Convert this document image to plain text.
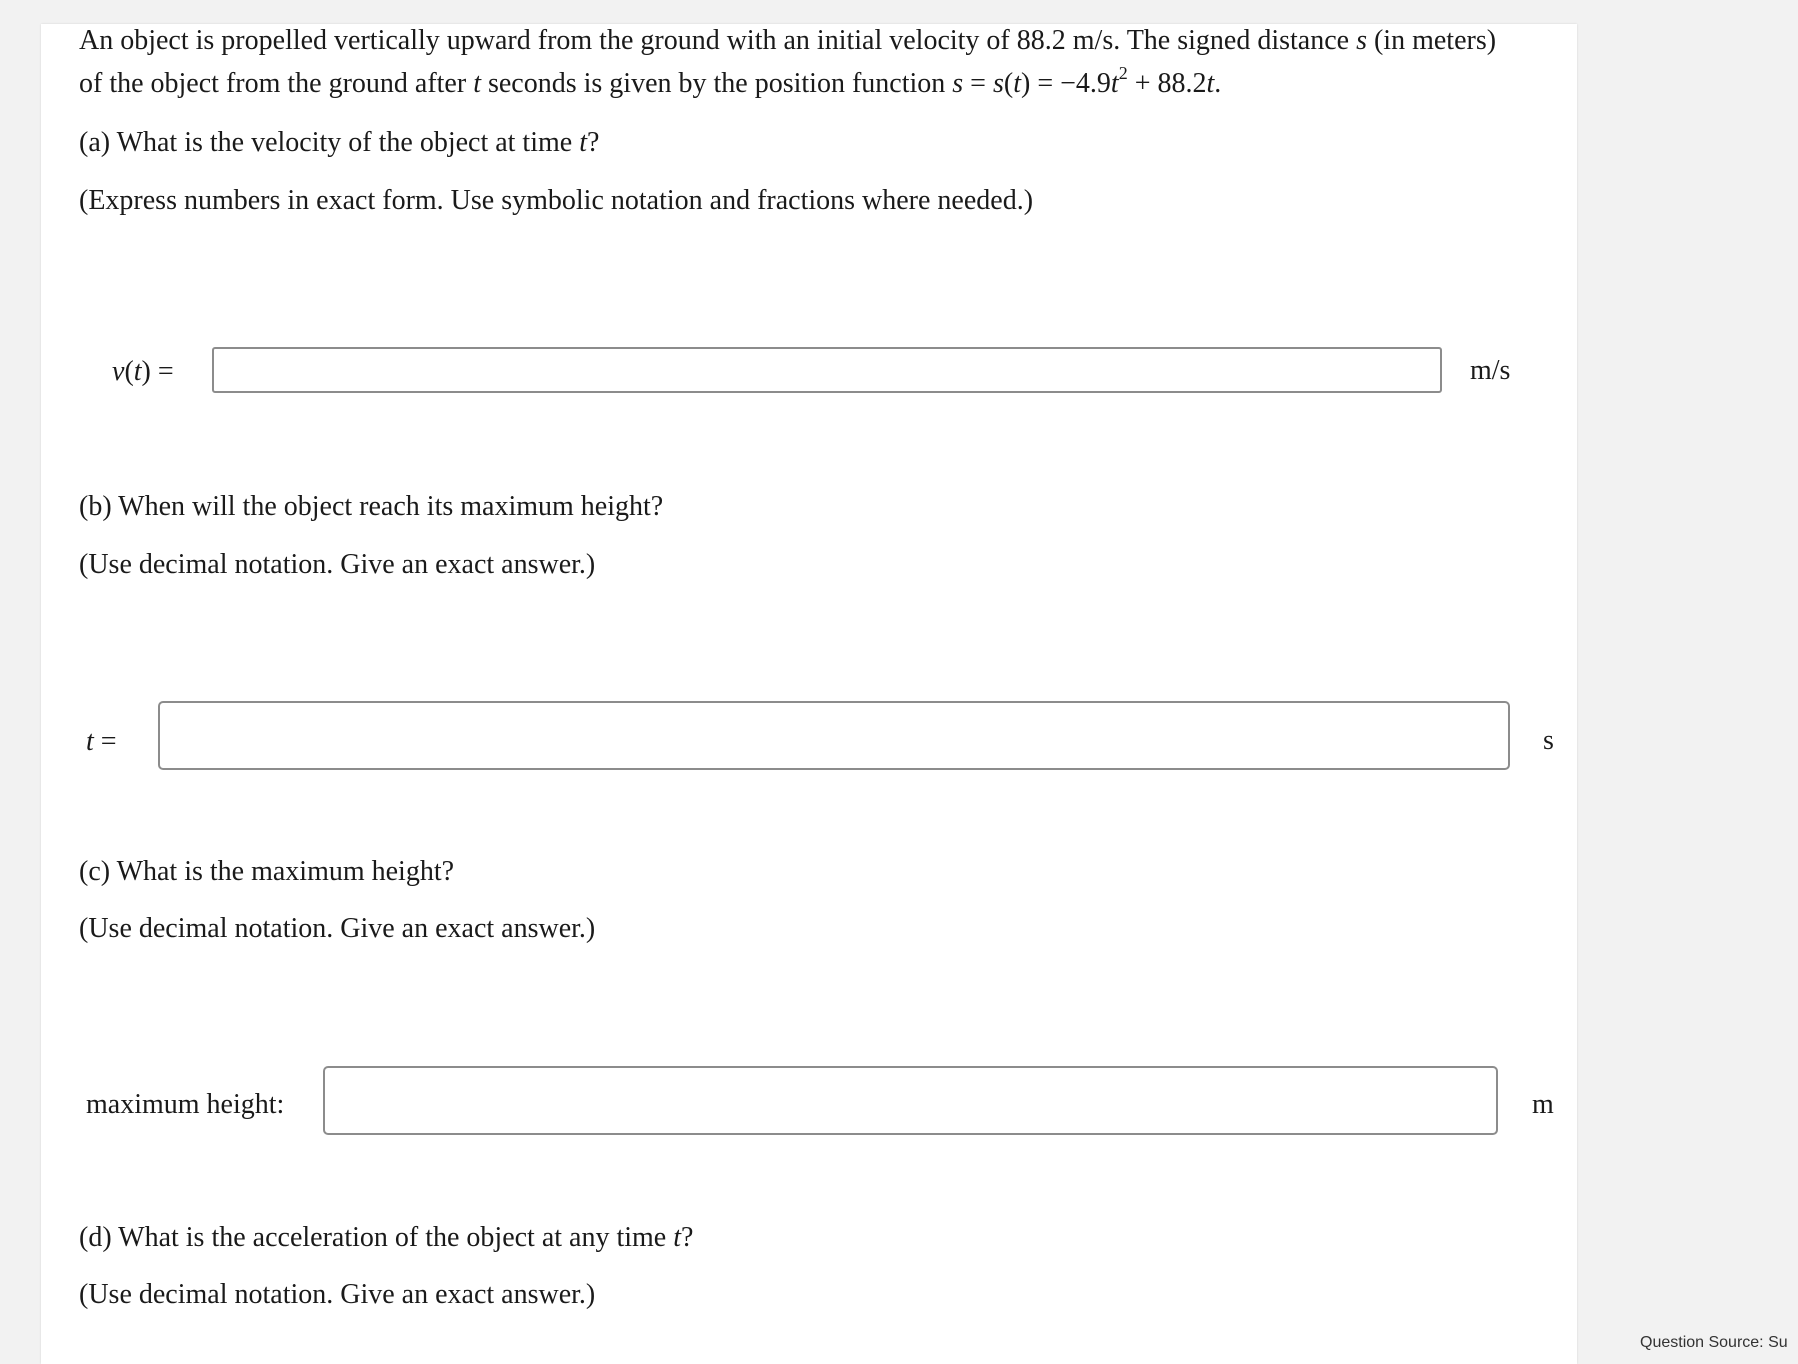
An object is propelled vertically upward from the ground with an initial velocity of 88.2 m/s. The signed distance s (in meters)
of the object from the ground after t seconds is given by the position function $s = s(t) = -4.9t^2 + 88.2t$.
(a) What is the velocity of the object at time t?
(Express numbers in exact form. Use symbolic notation and fractions where needed.)
v(t) =	m/s
(b) When will the object reach its maximum height?
(Use decimal notation. Give an exact answer.)
t =	s
(c) What is the maximum height?
(Use decimal notation. Give an exact answer.)
maximum height:	m
(d) What is the acceleration of the object at any time t?
(Use decimal notation. Give an exact answer.)
Question Source: Su
